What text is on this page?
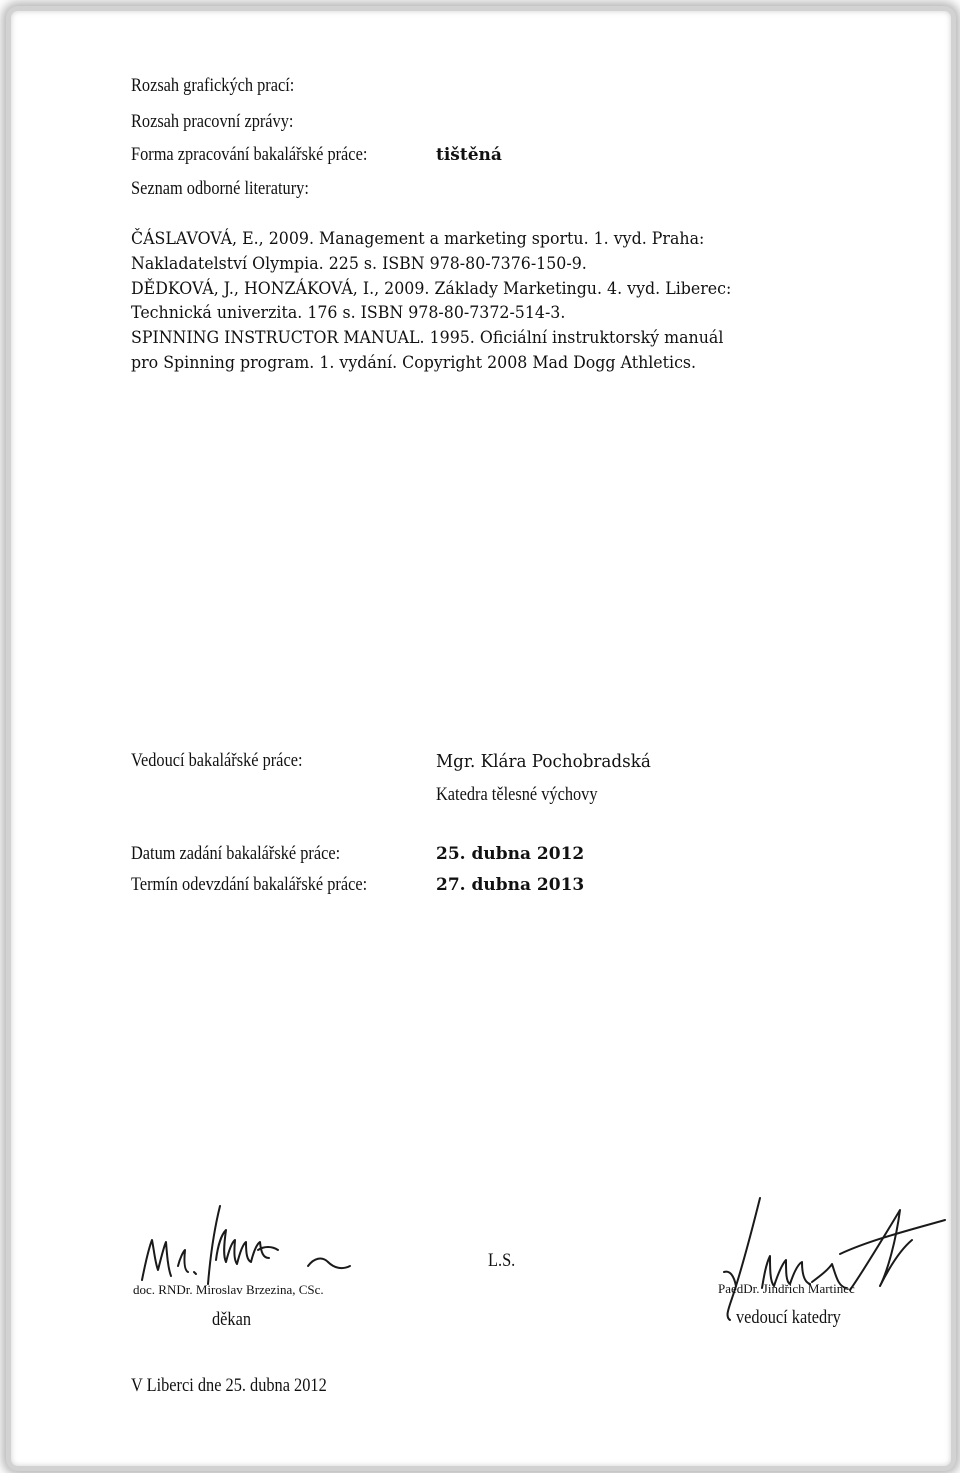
Rozsah grafických prací:
Rozsah pracovní zprávy:
Forma zpracování bakalářské práce:	tištěná
Seznam odborné literatury:
ČÁSLAVOVÁ, E., 2009. Management a marketing sportu. 1. vyd. Praha:
Nakladatelství Olympia. 225 s. ISBN 978-80-7376-150-9.
DĚDKOVÁ, J., HONZÁKOVÁ, I., 2009. Základy Marketingu. 4. vyd. Liberec:
Technická univerzita. 176 s. ISBN 978-80-7372-514-3.
SPINNING INSTRUCTOR MANUAL. 1995. Oficiální instruktorský manuál
pro Spinning program. 1. vydání. Copyright 2008 Mad Dogg Athletics.
Vedoucí bakalářské práce:	Mgr. Klára Pochobradská
Katedra tělesné výchovy
Datum zadání bakalářské práce:	25. dubna 2012
Termín odevzdání bakalářské práce:	27. dubna 2013
doc. RNDr. Miroslav Brzezina, CSc.
děkan
L.S.
PaedDr. Jindřich Martinec
vedoucí katedry
V Liberci dne 25. dubna 2012
